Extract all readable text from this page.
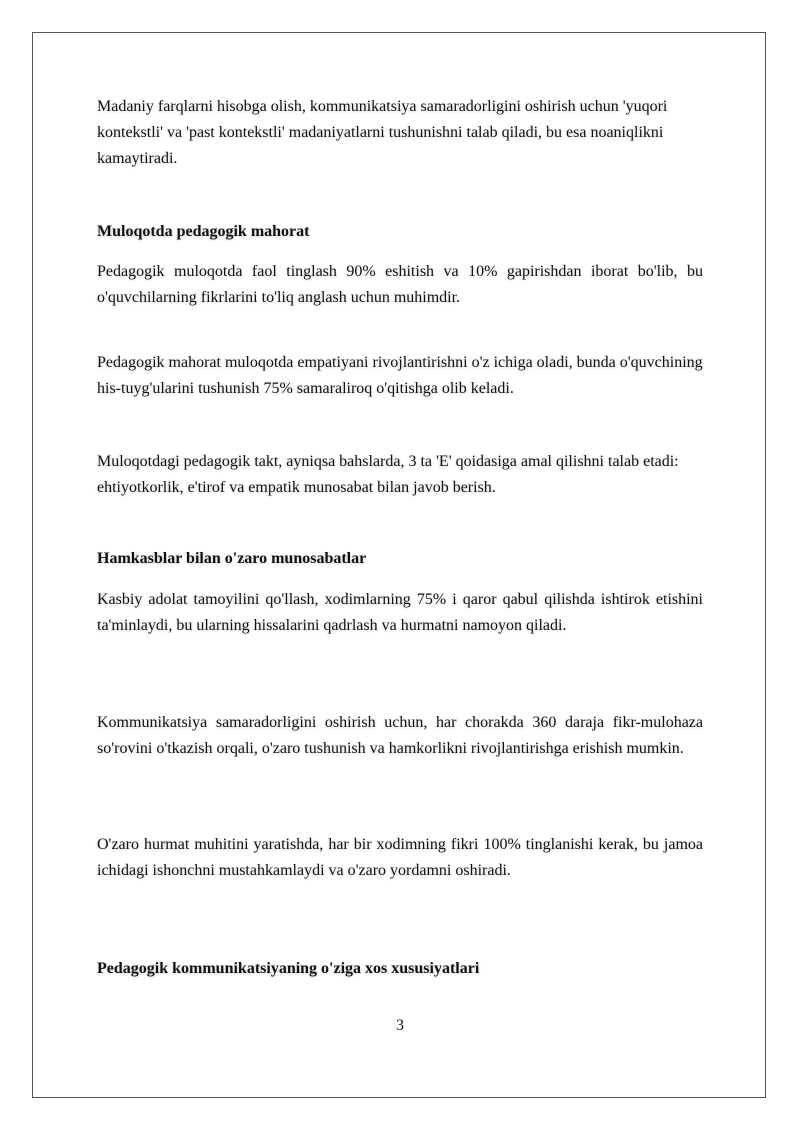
Madaniy farqlarni hisobga olish, kommunikatsiya samaradorligini oshirish uchun 'yuqori kontekstli' va 'past kontekstli' madaniyatlarni tushunishni talab qiladi, bu esa noaniqlikni kamaytiradi.

Muloqotda pedagogik mahorat

Pedagogik muloqotda faol tinglash 90% eshitish va 10% gapirishdan iborat bo'lib, bu o'quvchilarning fikrlarini to'liq anglash uchun muhimdir.

Pedagogik mahorat muloqotda empatiyani rivojlantirishni o'z ichiga oladi, bunda o'quvchining his-tuyg'ularini tushunish 75% samaraliroq o'qitishga olib keladi.

Muloqotdagi pedagogik takt, ayniqsa bahslarda, 3 ta 'E' qoidasiga amal qilishni talab etadi: ehtiyotkorlik, e'tirof va empatik munosabat bilan javob berish.

Hamkasblar bilan o'zaro munosabatlar

Kasbiy adolat tamoyilini qo'llash, xodimlarning 75% i qaror qabul qilishda ishtirok etishini ta'minlaydi, bu ularning hissalarini qadrlash va hurmatni namoyon qiladi.

Kommunikatsiya samaradorligini oshirish uchun, har chorakda 360 daraja fikr-mulohaza so'rovini o'tkazish orqali, o'zaro tushunish va hamkorlikni rivojlantirishga erishish mumkin.

O'zaro hurmat muhitini yaratishda, har bir xodimning fikri 100% tinglanishi kerak, bu jamoa ichidagi ishonchni mustahkamlaydi va o'zaro yordamni oshiradi.

Pedagogik kommunikatsiyaning o'ziga xos xususiyatlari

3
